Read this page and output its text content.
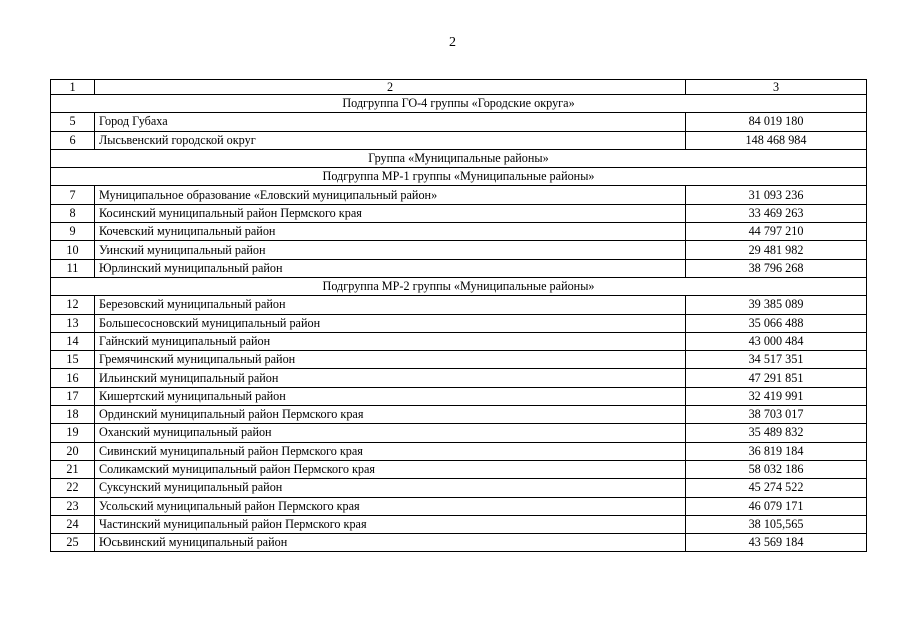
2
1	2	3
Подгруппа ГО-4 группы «Городские округа»		
5	Город Губаха	84 019 180
6	Лысьвенский городской округ	148 468 984
Группа «Муниципальные районы»		
Подгруппа МР-1 группы «Муниципальные районы»		
7	Муниципальное образование «Еловский муниципальный район»	31 093 236
8	Косинский муниципальный район Пермского края	33 469 263
9	Кочевский муниципальный район	44 797 210
10	Уинский муниципальный район	29 481 982
11	Юрлинский муниципальный район	38 796 268
Подгруппа МР-2 группы «Муниципальные районы»		
12	Березовский муниципальный район	39 385 089
13	Большесосновский муниципальный район	35 066 488
14	Гайнский муниципальный район	43 000 484
15	Гремячинский муниципальный район	34 517 351
16	Ильинский муниципальный район	47 291 851
17	Кишертский муниципальный район	32 419 991
18	Ординский муниципальный район Пермского края	38 703 017
19	Оханский муниципальный район	35 489 832
20	Сивинский муниципальный район Пермского края	36 819 184
21	Соликамский муниципальный район Пермского края	58 032 186
22	Суксунский муниципальный район	45 274 522
23	Усольский муниципальный район Пермского края	46 079 171
24	Частинский муниципальный район Пермского края	38 105,565
25	Юсьвинский муниципальный район	43 569 184
